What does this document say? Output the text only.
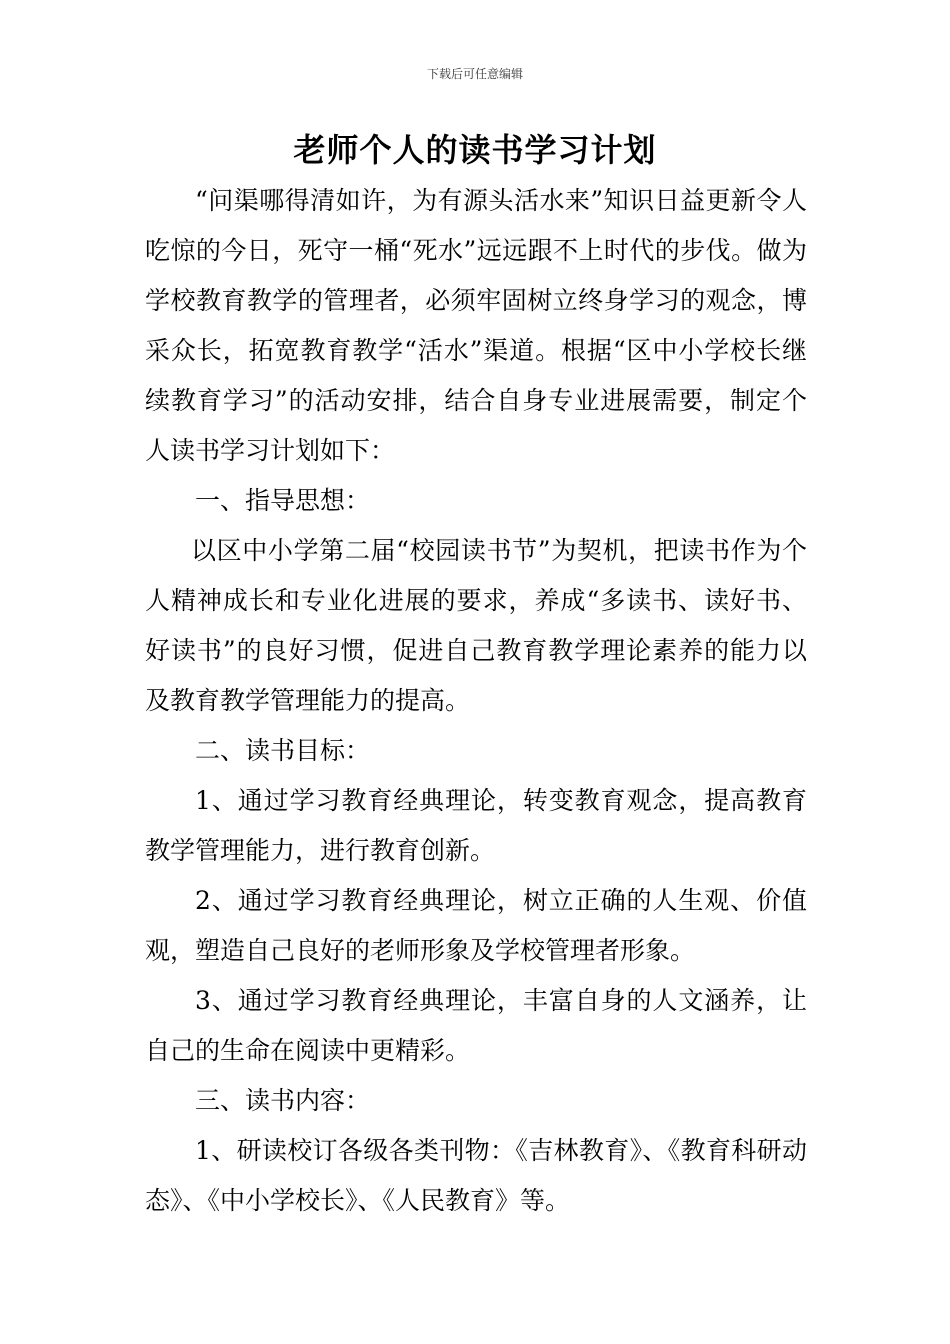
下载后可任意编辑
老师个人的读书学习计划

“问渠哪得清如许，为有源头活水来”知识日益更新令人吃惊的今日，死守一桶“死水”远远跟不上时代的步伐。做为学校教育教学的管理者，必须牢固树立终身学习的观念，博采众长，拓宽教育教学“活水”渠道。根据“区中小学校长继续教育学习”的活动安排，结合自身专业进展需要，制定个人读书学习计划如下：

一、指导思想：

以区中小学第二届“校园读书节”为契机，把读书作为个人精神成长和专业化进展的要求，养成“多读书、读好书、好读书”的良好习惯，促进自己教育教学理论素养的能力以及教育教学管理能力的提高。

二、读书目标：

1、通过学习教育经典理论，转变教育观念，提高教育教学管理能力，进行教育创新。

2、通过学习教育经典理论，树立正确的人生观、价值观，塑造自己良好的老师形象及学校管理者形象。

3、通过学习教育经典理论，丰富自身的人文涵养，让自己的生命在阅读中更精彩。

三、读书内容：

1、研读校订各级各类刊物：《吉林教育》、《教育科研动态》、《中小学校长》、《人民教育》等。
